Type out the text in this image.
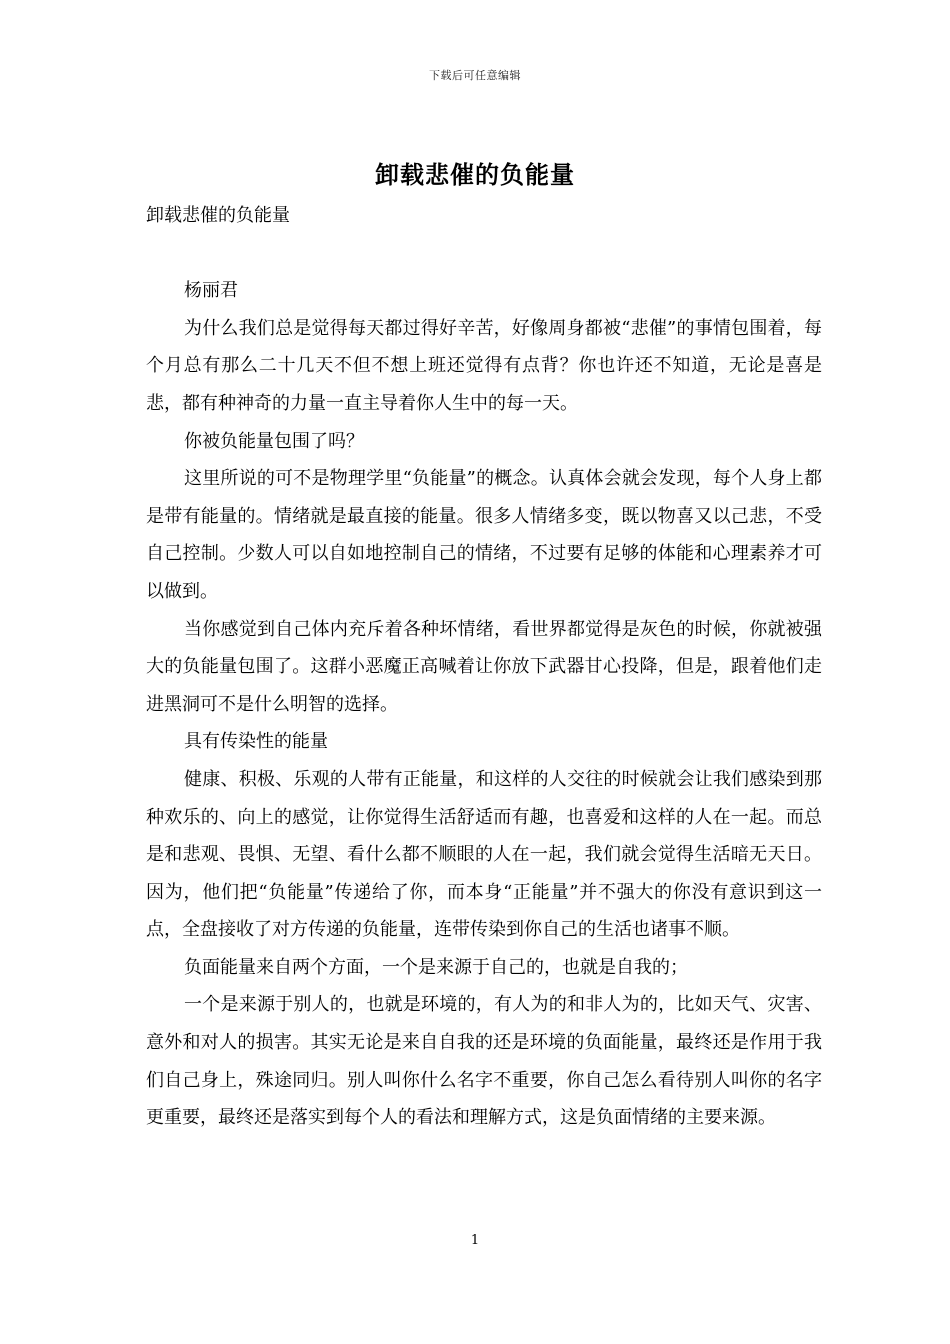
下载后可任意编辑
卸载悲催的负能量

卸载悲催的负能量

杨丽君

为什么我们总是觉得每天都过得好辛苦，好像周身都被“悲催”的事情包围着，每个月总有那么二十几天不但不想上班还觉得有点背？你也许还不知道，无论是喜是悲，都有种神奇的力量一直主导着你人生中的每一天。

你被负能量包围了吗？

这里所说的可不是物理学里“负能量”的概念。认真体会就会发现，每个人身上都是带有能量的。情绪就是最直接的能量。很多人情绪多变，既以物喜又以己悲，不受自己控制。少数人可以自如地控制自己的情绪，不过要有足够的体能和心理素养才可以做到。

当你感觉到自己体内充斥着各种坏情绪，看世界都觉得是灰色的时候，你就被强大的负能量包围了。这群小恶魔正高喊着让你放下武器甘心投降，但是，跟着他们走进黑洞可不是什么明智的选择。

具有传染性的能量

健康、积极、乐观的人带有正能量，和这样的人交往的时候就会让我们感染到那种欢乐的、向上的感觉，让你觉得生活舒适而有趣，也喜爱和这样的人在一起。而总是和悲观、畏惧、无望、看什么都不顺眼的人在一起，我们就会觉得生活暗无天日。因为，他们把“负能量”传递给了你，而本身“正能量”并不强大的你没有意识到这一点，全盘接收了对方传递的负能量，连带传染到你自己的生活也诸事不顺。

负面能量来自两个方面，一个是来源于自己的，也就是自我的；

一个是来源于别人的，也就是环境的，有人为的和非人为的，比如天气、灾害、意外和对人的损害。其实无论是来自自我的还是环境的负面能量，最终还是作用于我们自己身上，殊途同归。别人叫你什么名字不重要，你自己怎么看待别人叫你的名字更重要，最终还是落实到每个人的看法和理解方式，这是负面情绪的主要来源。

1
